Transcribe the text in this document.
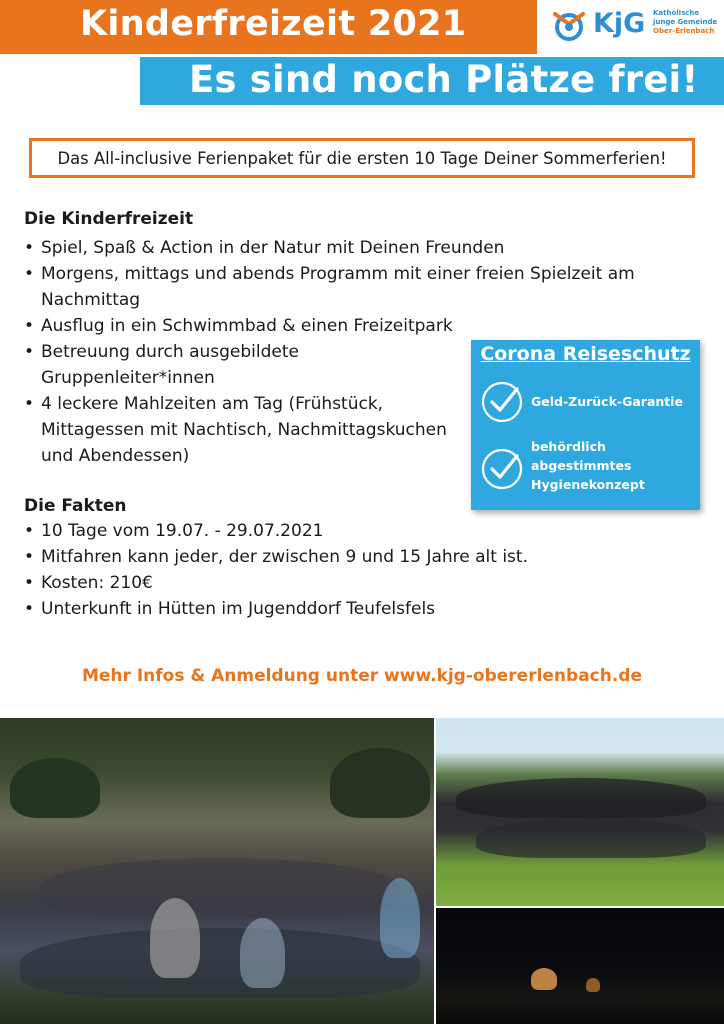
Kinderfreizeit 2021	KjG Katholische
junge Gemeinde
Ober-Erlenbach
Es sind noch Plätze frei!
Das All-inclusive Ferienpaket für die ersten 10 Tage Deiner Sommerferien!
Die Kinderfreizeit
• Spiel, Spaß & Action in der Natur mit Deinen Freunden
• Morgens, mittags und abends Programm mit einer freien Spielzeit am
Nachmittag
• Ausflug in ein Schwimmbad & einen Freizeitpark
• Betreuung durch ausgebildete
Gruppenleiter*innen
• 4 leckere Mahlzeiten am Tag (Frühstück,
Mittagessen mit Nachtisch, Nachmittagskuchen
und Abendessen)
Die Fakten
• 10 Tage vom 19.07. - 29.07.2021
• Mitfahren kann jeder, der zwischen 9 und 15 Jahre alt ist.
• Kosten: 210€
• Unterkunft in Hütten im Jugenddorf Teufelsfels
Corona Reiseschutz
Geld-Zurück-Garantie
behördlich
abgestimmtes
Hygienekonzept
Mehr Infos & Anmeldung unter www.kjg-obererlenbach.de
